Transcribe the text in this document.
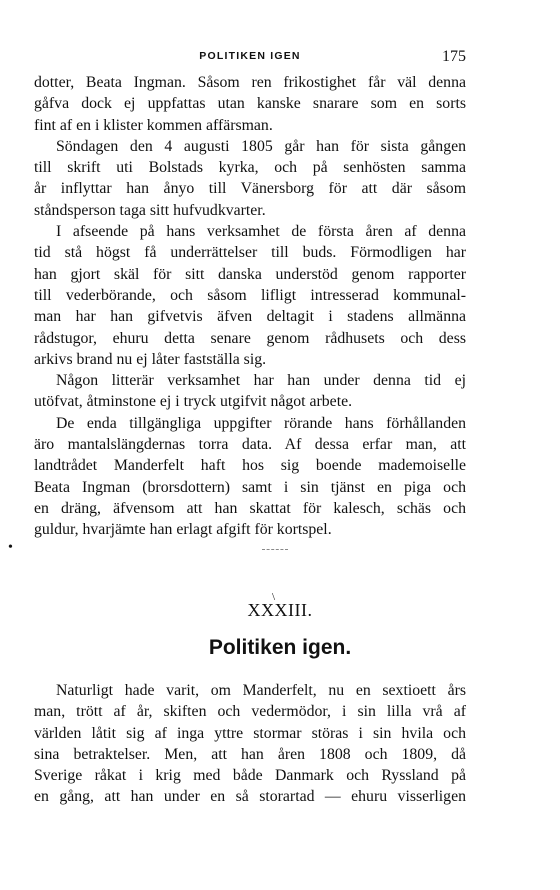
POLITIKEN IGEN	175

dotter, Beata Ingman. Såsom ren frikostighet får väl denna
gåfva dock ej uppfattas utan kanske snarare som en sorts
fint af en i klister kommen affärsman.

Söndagen den 4 augusti 1805 går han för sista gången
till skrift uti Bolstads kyrka, och på senhösten samma
år inflyttar han ånyo till Vänersborg för att där såsom
ståndsperson taga sitt hufvudkvarter.

I afseende på hans verksamhet de första åren af denna
tid stå högst få underrättelser till buds. Förmodligen har
han gjort skäl för sitt danska understöd genom rapporter
till vederbörande, och såsom lifligt intresserad kommunal-
man har han gifvetvis äfven deltagit i stadens allmänna
rådstugor, ehuru detta senare genom rådhusets och dess
arkivs brand nu ej låter fastställa sig.

Någon litterär verksamhet har han under denna tid ej
utöfvat, åtminstone ej i tryck utgifvit något arbete.

De enda tillgängliga uppgifter rörande hans förhållanden
äro mantalslängdernas torra data. Af dessa erfar man, att
landtrådet Manderfelt haft hos sig boende mademoiselle
Beata Ingman (brorsdottern) samt i sin tjänst en piga och
en dräng, äfvensom att han skattat för kalesch, schäs och
guldur, hvarjämte han erlagt afgift för kortspel.

•
\
XXXIII.
Politiken igen.

Naturligt hade varit, om Manderfelt, nu en sextioett års
man, trött af år, skiften och vedermödor, i sin lilla vrå af
världen låtit sig af inga yttre stormar störas i sin hvila och
sina betraktelser. Men, att han åren 1808 och 1809, då
Sverige råkat i krig med både Danmark och Ryssland på
en gång, att han under en så storartad — ehuru visserligen
